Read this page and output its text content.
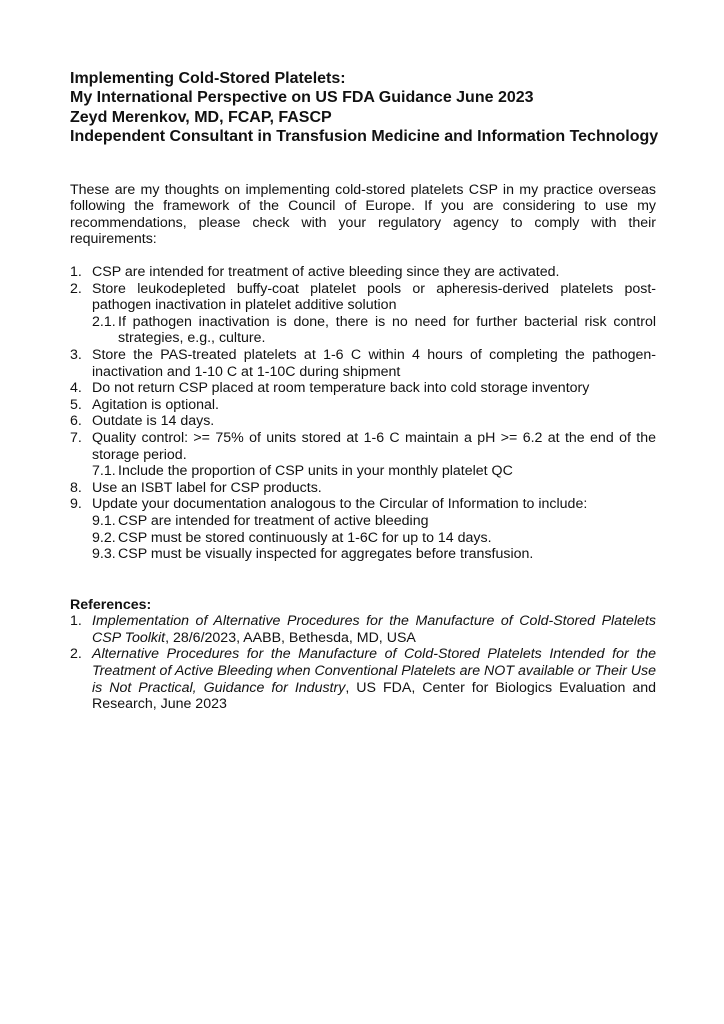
Implementing Cold-Stored Platelets:
My International Perspective on US FDA Guidance June 2023
Zeyd Merenkov, MD, FCAP, FASCP
Independent Consultant in Transfusion Medicine and Information Technology

These are my thoughts on implementing cold-stored platelets CSP in my practice overseas following the framework of the Council of Europe. If you are considering to use my recommendations, please check with your regulatory agency to comply with their requirements:

1. CSP are intended for treatment of active bleeding since they are activated.
2. Store leukodepleted buffy-coat platelet pools or apheresis-derived platelets post-pathogen inactivation in platelet additive solution
2.1. If pathogen inactivation is done, there is no need for further bacterial risk control strategies, e.g., culture.
3. Store the PAS-treated platelets at 1-6 C within 4 hours of completing the pathogen-inactivation and 1-10 C at 1-10C during shipment
4. Do not return CSP placed at room temperature back into cold storage inventory
5. Agitation is optional.
6. Outdate is 14 days.
7. Quality control: >= 75% of units stored at 1-6 C maintain a pH >= 6.2 at the end of the storage period.
7.1. Include the proportion of CSP units in your monthly platelet QC
8. Use an ISBT label for CSP products.
9. Update your documentation analogous to the Circular of Information to include:
9.1. CSP are intended for treatment of active bleeding
9.2. CSP must be stored continuously at 1-6C for up to 14 days.
9.3. CSP must be visually inspected for aggregates before transfusion.

References:

1. Implementation of Alternative Procedures for the Manufacture of Cold-Stored Platelets CSP Toolkit, 28/6/2023, AABB, Bethesda, MD, USA
2. Alternative Procedures for the Manufacture of Cold-Stored Platelets Intended for the Treatment of Active Bleeding when Conventional Platelets are NOT available or Their Use is Not Practical, Guidance for Industry, US FDA, Center for Biologics Evaluation and Research, June 2023
